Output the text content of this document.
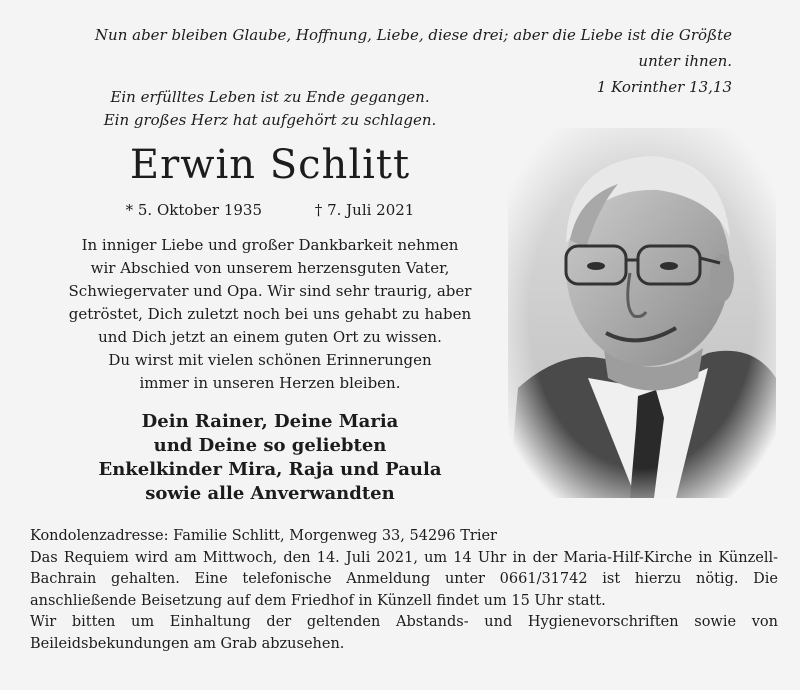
Nun aber bleiben Glaube, Hoffnung, Liebe, diese drei; aber die Liebe ist die Größte unter ihnen.
1 Korinther 13,13
Ein erfülltes Leben ist zu Ende gegangen.
Ein großes Herz hat aufgehört zu schlagen.
Erwin Schlitt
* 5. Oktober 1935	† 7. Juli 2021
In inniger Liebe und großer Dankbarkeit nehmen
wir Abschied von unserem herzensguten Vater,
Schwiegervater und Opa. Wir sind sehr traurig, aber
getröstet, Dich zuletzt noch bei uns gehabt zu haben
und Dich jetzt an einem guten Ort zu wissen.
Du wirst mit vielen schönen Erinnerungen
immer in unseren Herzen bleiben.
Dein Rainer, Deine Maria
und Deine so geliebten
Enkelkinder Mira, Raja und Paula
sowie alle Anverwandten

Kondolenzadresse: Familie Schlitt, Morgenweg 33, 54296 Trier

Das Requiem wird am Mittwoch, den 14. Juli 2021, um 14 Uhr in der Maria-Hilf-Kirche in Künzell-Bachrain gehalten. Eine telefonische Anmeldung unter 0661/31742 ist hierzu nötig. Die anschließende Beisetzung auf dem Friedhof in Künzell findet um 15 Uhr statt.

Wir bitten um Einhaltung der geltenden Abstands- und Hygienevorschriften sowie von Beileidsbekundungen am Grab abzusehen.
